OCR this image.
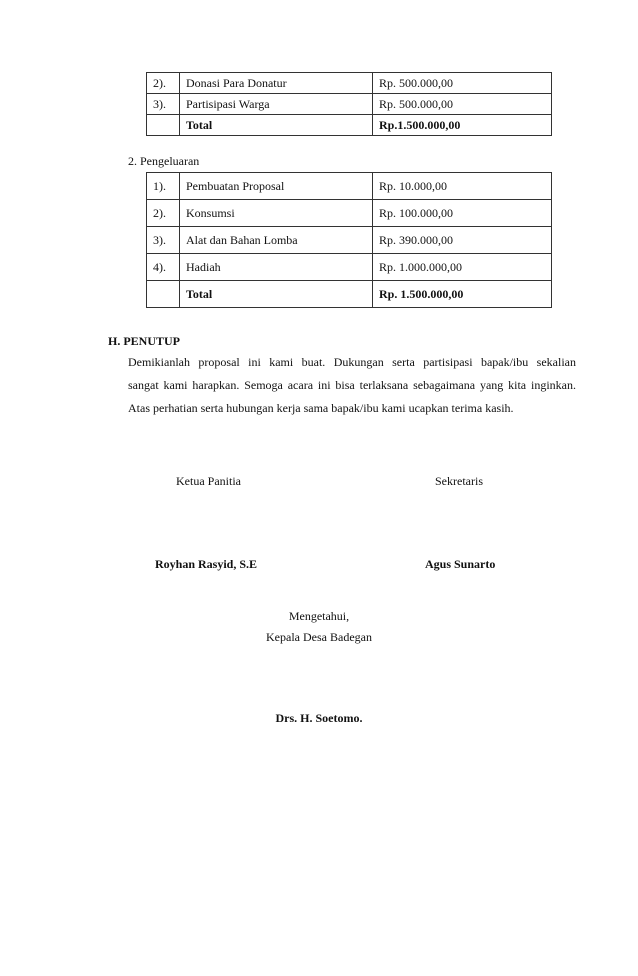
2).	Donasi Para Donatur	Rp. 500.000,00
3).	Partisipasi Warga	Rp. 500.000,00
	Total	Rp.1.500.000,00
2. Pengeluaran
1).	Pembuatan Proposal	Rp. 10.000,00
2).	Konsumsi	Rp. 100.000,00
3).	Alat dan Bahan Lomba	Rp. 390.000,00
4).	Hadiah	Rp. 1.000.000,00
	Total	Rp. 1.500.000,00
H. PENUTUP
Demikianlah proposal ini kami buat. Dukungan serta partisipasi bapak/ibu sekalian
sangat kami harapkan. Semoga acara ini bisa terlaksana sebagaimana yang kita inginkan.
Atas perhatian serta hubungan kerja sama bapak/ibu kami ucapkan terima kasih.
Ketua Panitia	Sekretaris
Royhan Rasyid, S.E	Agus Sunarto
Mengetahui,
Kepala Desa Badegan
Drs. H. Soetomo.
